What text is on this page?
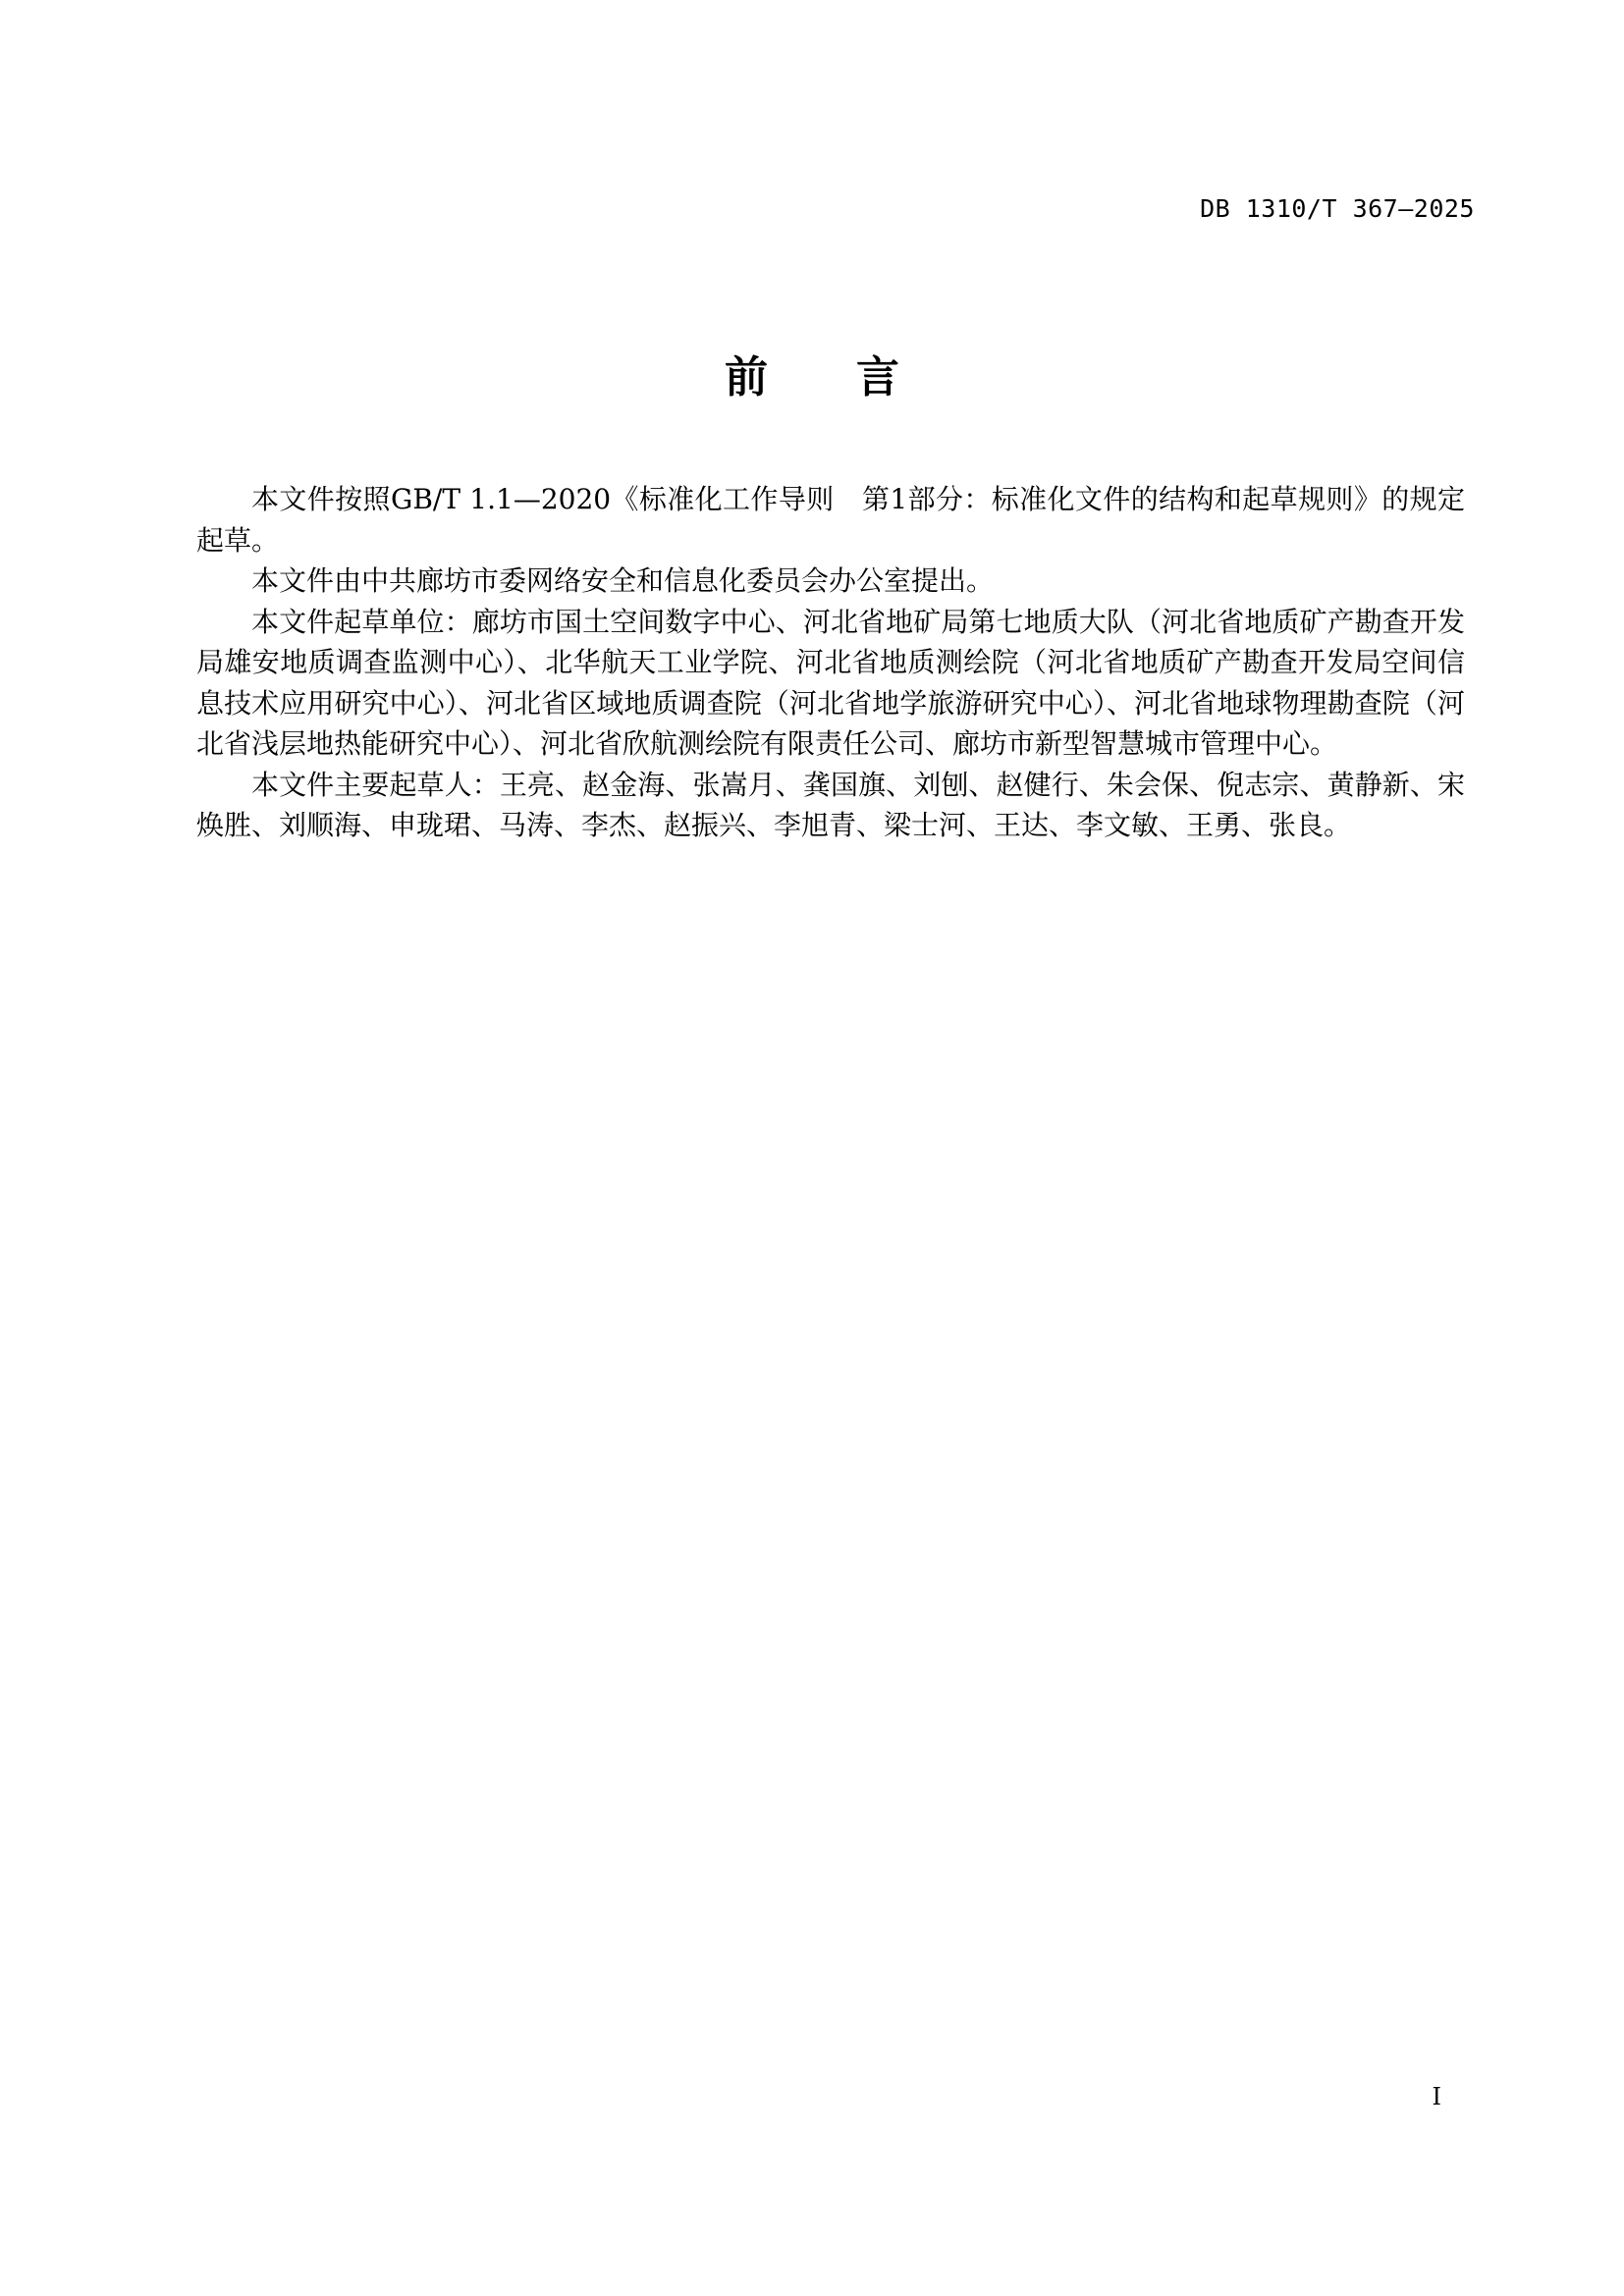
DB 1310/T 367—2025
前 言

本文件按照GB/T 1.1—2020《标准化工作导则　第1部分：标准化文件的结构和起草规则》的规定起草。

本文件由中共廊坊市委网络安全和信息化委员会办公室提出。

本文件起草单位：廊坊市国土空间数字中心、河北省地矿局第七地质大队（河北省地质矿产勘查开发局雄安地质调查监测中心）、北华航天工业学院、河北省地质测绘院（河北省地质矿产勘查开发局空间信息技术应用研究中心）、河北省区域地质调查院（河北省地学旅游研究中心）、河北省地球物理勘查院（河北省浅层地热能研究中心）、河北省欣航测绘院有限责任公司、廊坊市新型智慧城市管理中心。

本文件主要起草人：王亮、赵金海、张嵩月、龚国旗、刘刨、赵健行、朱会保、倪志宗、黄静新、宋焕胜、刘顺海、申珑珺、马涛、李杰、赵振兴、李旭青、梁士河、王达、李文敏、王勇、张良。

I
